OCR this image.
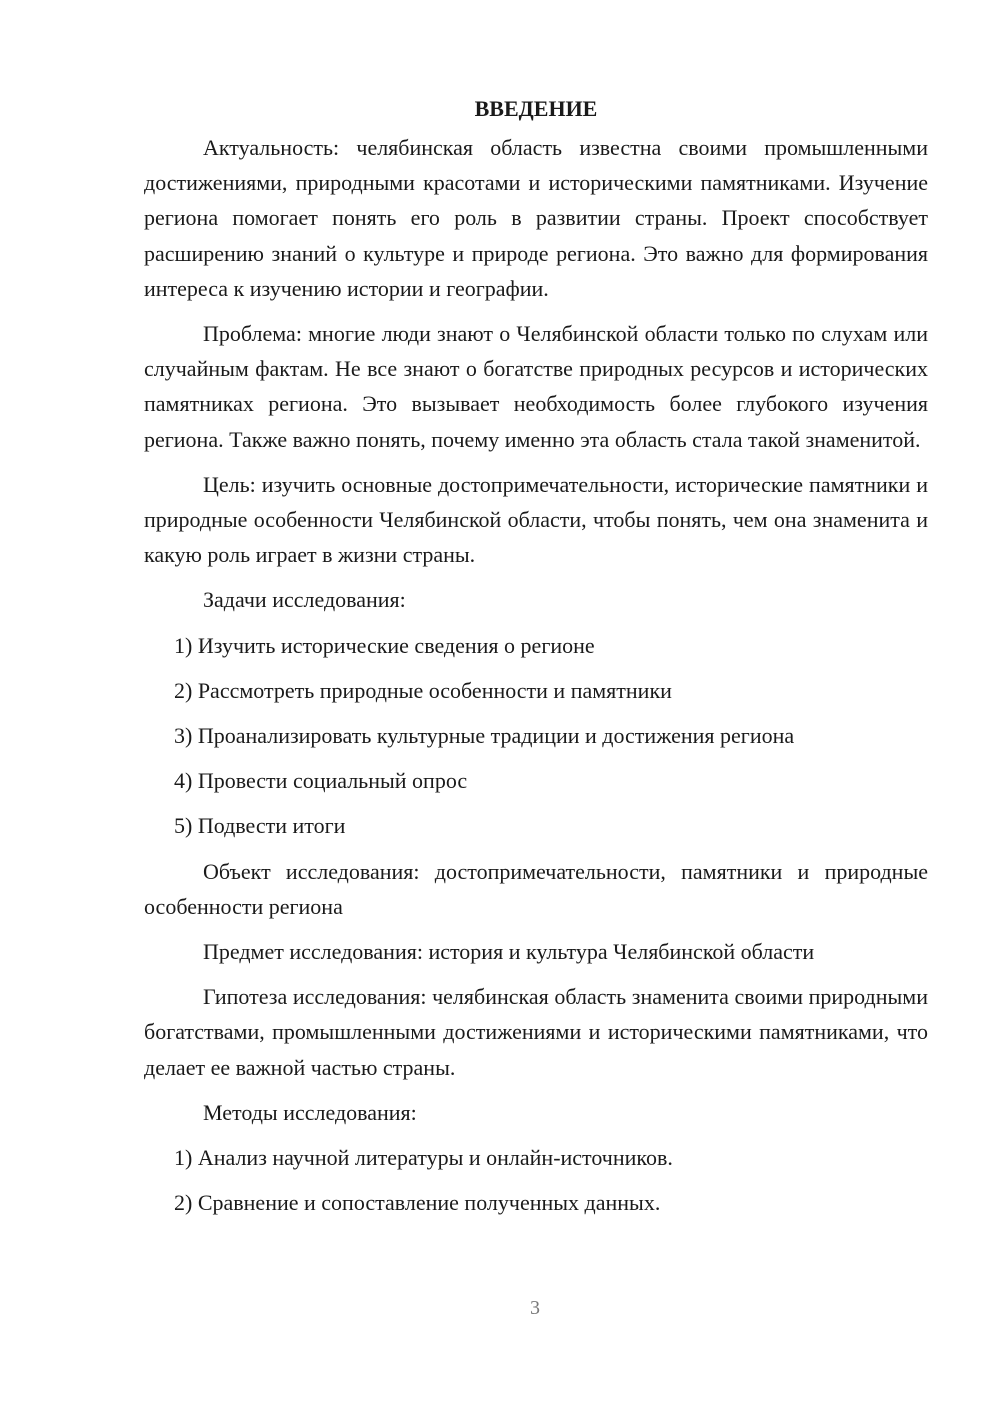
ВВЕДЕНИЕ

Актуальность: челябинская область известна своими промышленными достижениями, природными красотами и историческими памятниками. Изучение региона помогает понять его роль в развитии страны. Проект способствует расширению знаний о культуре и природе региона. Это важно для формирования интереса к изучению истории и географии.

Проблема: многие люди знают о Челябинской области только по слухам или случайным фактам. Не все знают о богатстве природных ресурсов и исторических памятниках региона. Это вызывает необходимость более глубокого изучения региона. Также важно понять, почему именно эта область стала такой знаменитой.

Цель: изучить основные достопримечательности, исторические памятники и природные особенности Челябинской области, чтобы понять, чем она знаменита и какую роль играет в жизни страны.

Задачи исследования:

1) Изучить исторические сведения о регионе

2) Рассмотреть природные особенности и памятники

3) Проанализировать культурные традиции и достижения региона

4) Провести социальный опрос

5) Подвести итоги

Объект исследования: достопримечательности, памятники и природные особенности региона

Предмет исследования: история и культура Челябинской области

Гипотеза исследования: челябинская область знаменита своими природными богатствами, промышленными достижениями и историческими памятниками, что делает ее важной частью страны.

Методы исследования:

1) Анализ научной литературы и онлайн-источников.

2) Сравнение и сопоставление полученных данных.

3
